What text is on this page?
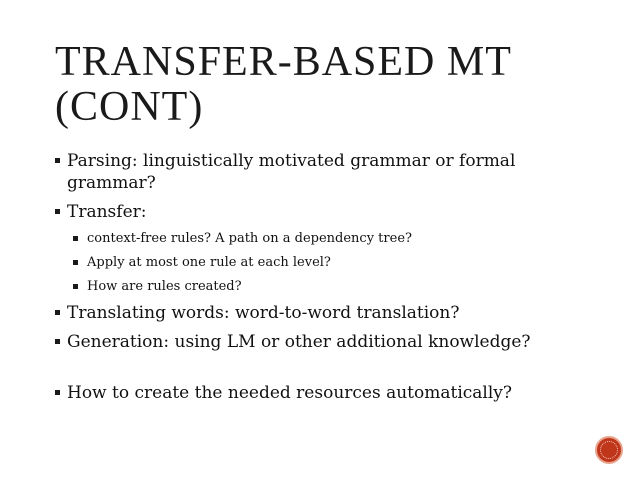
TRANSFER-BASED MT
(CONT)
Parsing: linguistically motivated grammar or formal grammar?
Transfer:
context-free rules? A path on a dependency tree?
Apply at most one rule at each level?
How are rules created?
Translating words: word-to-word translation?
Generation: using LM or other additional knowledge?
How to create the needed resources automatically?
